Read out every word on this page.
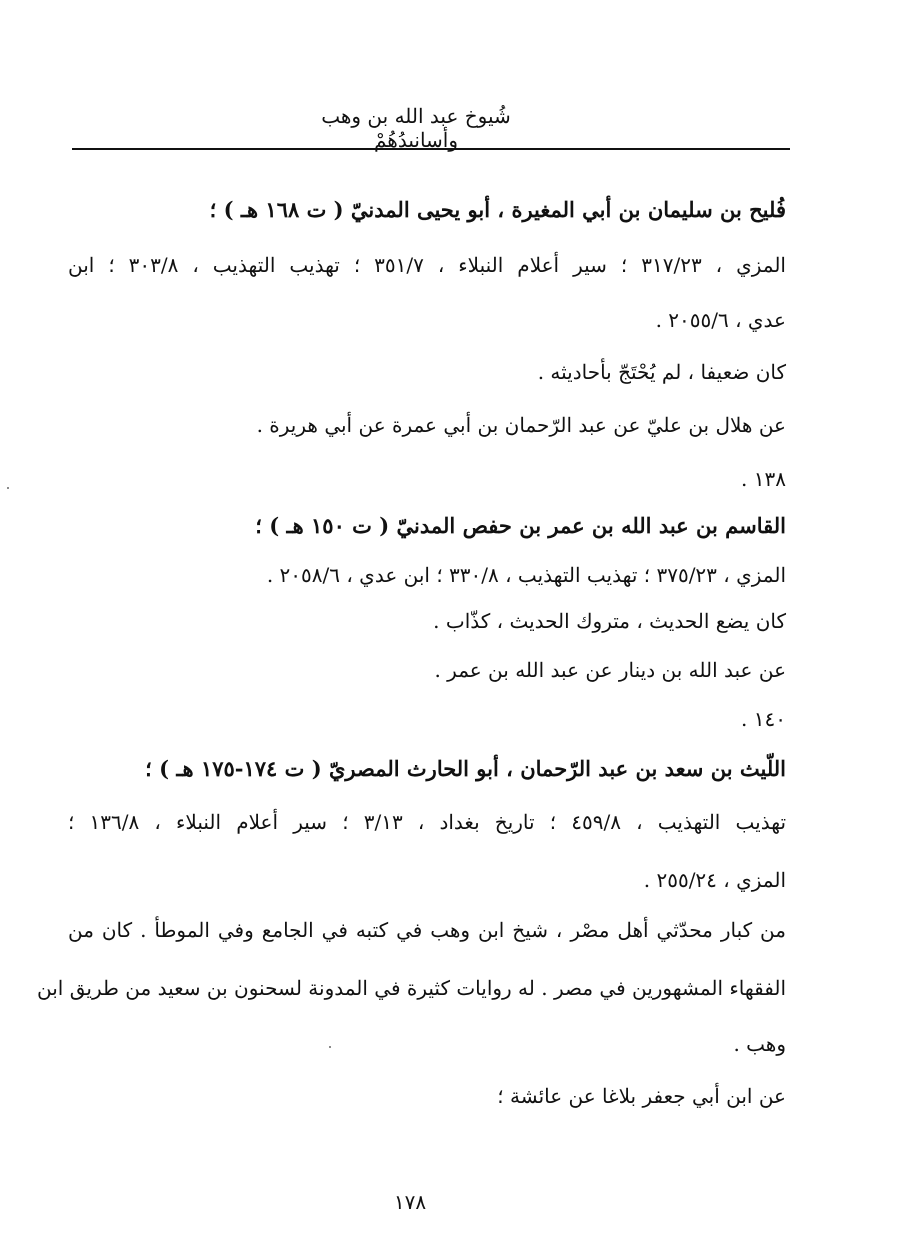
شُيوخ عبد الله بن وهب وأسانيدُهُمْ
فُليح بن سليمان بن أبي المغيرة ، أبو يحيى المدنيّ ( ت ١٦٨ هـ ) ؛
المزي ، ٣١٧/٢٣ ؛ سير أعلام النبلاء ، ٣٥١/٧ ؛ تهذيب التهذيب ، ٣٠٣/٨ ؛ ابن
عدي ، ٢٠٥٥/٦ .
كان ضعيفا ، لم يُحْتَجّ بأحاديثه .
عن هلال بن عليّ عن عبد الرّحمان بن أبي عمرة عن أبي هريرة .
١٣٨ .
القاسم بن عبد الله بن عمر بن حفص المدنيّ ( ت ١٥٠ هـ ) ؛
المزي ، ٣٧٥/٢٣ ؛ تهذيب التهذيب ، ٣٣٠/٨ ؛ ابن عدي ، ٢٠٥٨/٦ .
كان يضع الحديث ، متروك الحديث ، كذّاب .
عن عبد الله بن دينار عن عبد الله بن عمر .
١٤٠ .
اللّيث بن سعد بن عبد الرّحمان ، أبو الحارث المصريّ ( ت ١٧٤-١٧٥ هـ ) ؛
تهذيب التهذيب ، ٤٥٩/٨ ؛ تاريخ بغداد ، ٣/١٣ ؛ سير أعلام النبلاء ، ١٣٦/٨ ؛
المزي ، ٢٥٥/٢٤ .
من كبار محدّثي أهل مصْر ، شيخ ابن وهب في كتبه في الجامع وفي الموطأ . كان من
الفقهاء المشهورين في مصر . له روايات كثيرة في المدونة لسحنون بن سعيد من طريق ابن
وهب .
عن ابن أبي جعفر بلاغا عن عائشة ؛
١٧٨
